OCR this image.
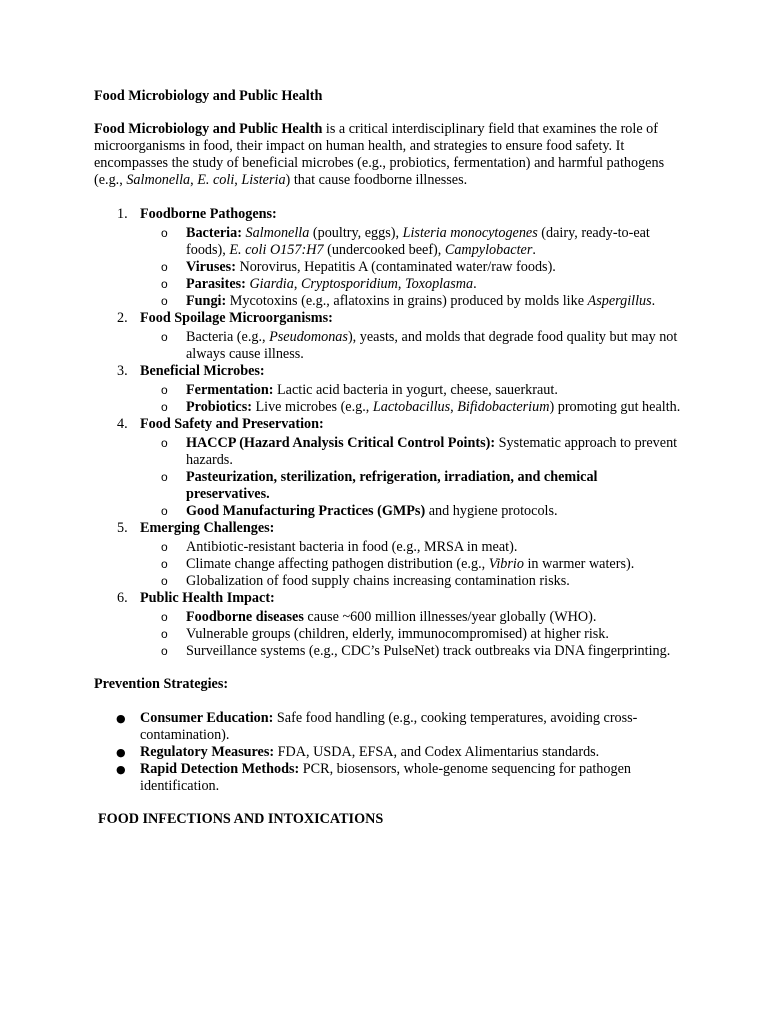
Food Microbiology and Public Health

Food Microbiology and Public Health is a critical interdisciplinary field that examines the role of microorganisms in food, their impact on human health, and strategies to ensure food safety. It encompasses the study of beneficial microbes (e.g., probiotics, fermentation) and harmful pathogens (e.g., Salmonella, E. coli, Listeria) that cause foodborne illnesses.

1. Foodborne Pathogens:
o Bacteria: Salmonella (poultry, eggs), Listeria monocytogenes (dairy, ready-to-eat foods), E. coli O157:H7 (undercooked beef), Campylobacter.
o Viruses: Norovirus, Hepatitis A (contaminated water/raw foods).
o Parasites: Giardia, Cryptosporidium, Toxoplasma.
o Fungi: Mycotoxins (e.g., aflatoxins in grains) produced by molds like Aspergillus.
2. Food Spoilage Microorganisms:
o Bacteria (e.g., Pseudomonas), yeasts, and molds that degrade food quality but may not always cause illness.
3. Beneficial Microbes:
o Fermentation: Lactic acid bacteria in yogurt, cheese, sauerkraut.
o Probiotics: Live microbes (e.g., Lactobacillus, Bifidobacterium) promoting gut health.
4. Food Safety and Preservation:
o HACCP (Hazard Analysis Critical Control Points): Systematic approach to prevent hazards.
o Pasteurization, sterilization, refrigeration, irradiation, and chemical preservatives.
o Good Manufacturing Practices (GMPs) and hygiene protocols.
5. Emerging Challenges:
o Antibiotic-resistant bacteria in food (e.g., MRSA in meat).
o Climate change affecting pathogen distribution (e.g., Vibrio in warmer waters).
o Globalization of food supply chains increasing contamination risks.
6. Public Health Impact:
o Foodborne diseases cause ~600 million illnesses/year globally (WHO).
o Vulnerable groups (children, elderly, immunocompromised) at higher risk.
o Surveillance systems (e.g., CDC’s PulseNet) track outbreaks via DNA fingerprinting.

Prevention Strategies:

● Consumer Education: Safe food handling (e.g., cooking temperatures, avoiding cross-contamination).
● Regulatory Measures: FDA, USDA, EFSA, and Codex Alimentarius standards.
● Rapid Detection Methods: PCR, biosensors, whole-genome sequencing for pathogen identification.

FOOD INFECTIONS AND INTOXICATIONS
